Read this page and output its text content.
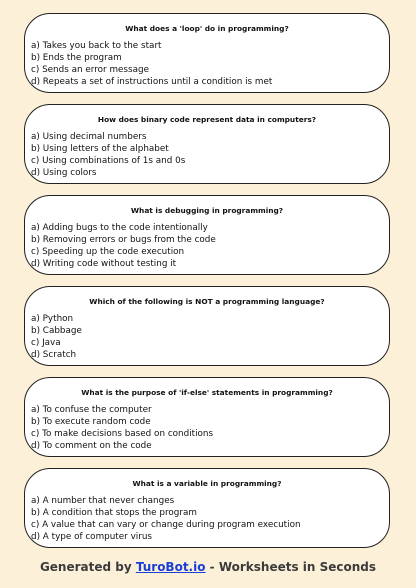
What does a 'loop' do in programming?
a) Takes you back to the start
b) Ends the program
c) Sends an error message
d) Repeats a set of instructions until a condition is met
How does binary code represent data in computers?
a) Using decimal numbers
b) Using letters of the alphabet
c) Using combinations of 1s and 0s
d) Using colors
What is debugging in programming?
a) Adding bugs to the code intentionally
b) Removing errors or bugs from the code
c) Speeding up the code execution
d) Writing code without testing it
Which of the following is NOT a programming language?
a) Python
b) Cabbage
c) Java
d) Scratch
What is the purpose of 'if-else' statements in programming?
a) To confuse the computer
b) To execute random code
c) To make decisions based on conditions
d) To comment on the code
What is a variable in programming?
a) A number that never changes
b) A condition that stops the program
c) A value that can vary or change during program execution
d) A type of computer virus
Generated by TuroBot.io - Worksheets in Seconds
